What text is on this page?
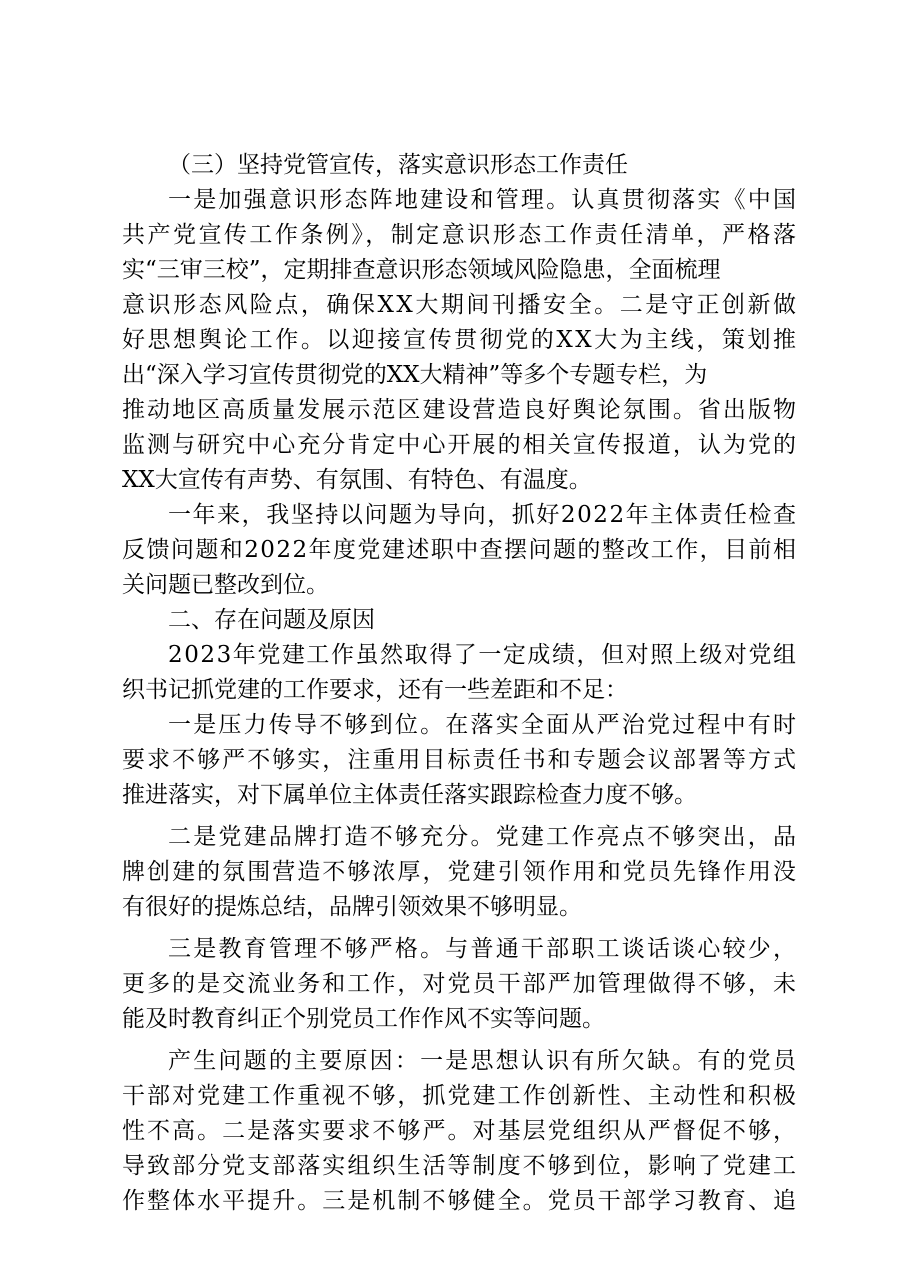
（三）坚持党管宣传，落实意识形态工作责任
一是加强意识形态阵地建设和管理。认真贯彻落实《中国
共产党宣传工作条例》，制定意识形态工作责任清单，严格落
实“三审三校”，定期排查意识形态领域风险隐患，全面梳理
意识形态风险点，确保XX大期间刊播安全。二是守正创新做
好思想舆论工作。以迎接宣传贯彻党的XX大为主线，策划推
出“深入学习宣传贯彻党的XX大精神”等多个专题专栏，为
推动地区高质量发展示范区建设营造良好舆论氛围。省出版物
监测与研究中心充分肯定中心开展的相关宣传报道，认为党的
XX大宣传有声势、有氛围、有特色、有温度。
一年来，我坚持以问题为导向，抓好2022年主体责任检查
反馈问题和2022年度党建述职中查摆问题的整改工作，目前相
关问题已整改到位。
二、存在问题及原因
2023年党建工作虽然取得了一定成绩，但对照上级对党组
织书记抓党建的工作要求，还有一些差距和不足：
一是压力传导不够到位。在落实全面从严治党过程中有时
要求不够严不够实，注重用目标责任书和专题会议部署等方式
推进落实，对下属单位主体责任落实跟踪检查力度不够。
二是党建品牌打造不够充分。党建工作亮点不够突出，品
牌创建的氛围营造不够浓厚，党建引领作用和党员先锋作用没
有很好的提炼总结，品牌引领效果不够明显。
三是教育管理不够严格。与普通干部职工谈话谈心较少，
更多的是交流业务和工作，对党员干部严加管理做得不够，未
能及时教育纠正个别党员工作作风不实等问题。
产生问题的主要原因：一是思想认识有所欠缺。有的党员
干部对党建工作重视不够，抓党建工作创新性、主动性和积极
性不高。二是落实要求不够严。对基层党组织从严督促不够，
导致部分党支部落实组织生活等制度不够到位，影响了党建工
作整体水平提升。三是机制不够健全。党员干部学习教育、追
